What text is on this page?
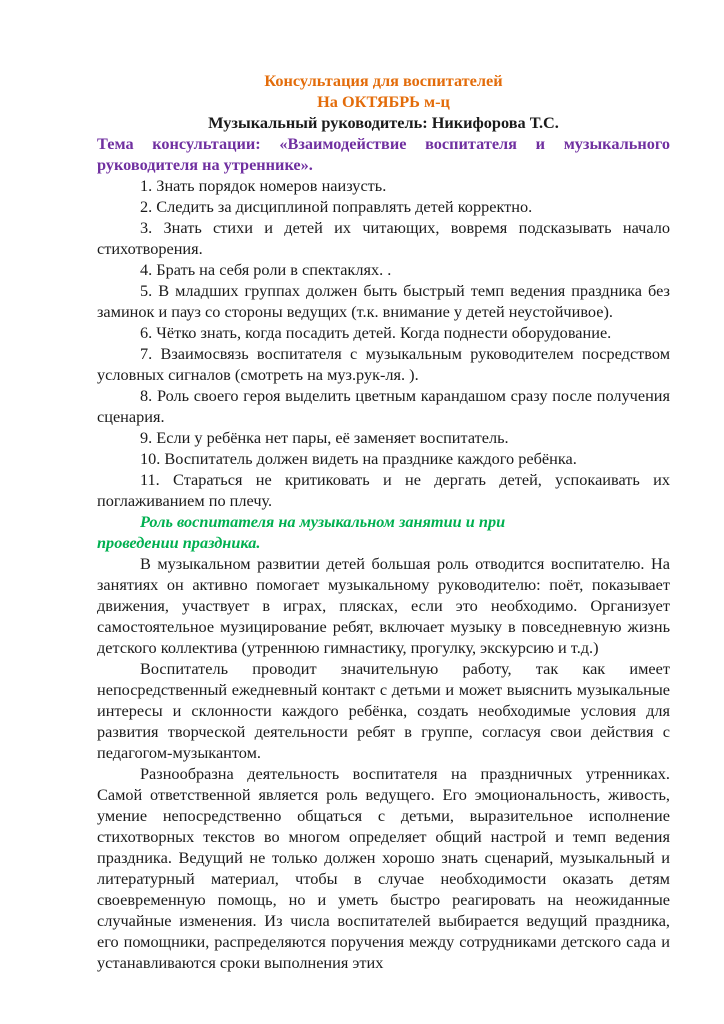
Консультация для воспитателей

На ОКТЯБРЬ м-ц

Музыкальный руководитель: Никифорова Т.С.

Тема консультации: «Взаимодействие воспитателя и музыкального руководителя на утреннике».

1. Знать порядок номеров наизусть.

2. Следить за дисциплиной поправлять детей корректно.

3. Знать стихи и детей их читающих, вовремя подсказывать начало стихотворения.

4. Брать на себя роли в спектаклях. .

5. В младших группах должен быть быстрый темп ведения праздника без заминок и пауз со стороны ведущих (т.к. внимание у детей неустойчивое).

6. Чётко знать, когда посадить детей. Когда поднести оборудование.

7. Взаимосвязь воспитателя с музыкальным руководителем посредством условных сигналов (смотреть на муз.рук-ля. ).

8. Роль своего героя выделить цветным карандашом сразу после получения сценария.

9. Если у ребёнка нет пары, её заменяет воспитатель.

10. Воспитатель должен видеть на празднике каждого ребёнка.

11. Стараться не критиковать и не дергать детей, успокаивать их поглаживанием по плечу.

Роль воспитателя на музыкальном занятии и при проведении праздника.

В музыкальном развитии детей большая роль отводится воспитателю. На занятиях он активно помогает музыкальному руководителю: поёт, показывает движения, участвует в играх, плясках, если это необходимо. Организует самостоятельное музицирование ребят, включает музыку в повседневную жизнь детского коллектива (утреннюю гимнастику, прогулку, экскурсию и т.д.)

Воспитатель проводит значительную работу, так как имеет непосредственный ежедневный контакт с детьми и может выяснить музыкальные интересы и склонности каждого ребёнка, создать необходимые условия для развития творческой деятельности ребят в группе, согласуя свои действия с педагогом-музыкантом.

Разнообразна деятельность воспитателя на праздничных утренниках. Самой ответственной является роль ведущего. Его эмоциональность, живость, умение непосредственно общаться с детьми, выразительное исполнение стихотворных текстов во многом определяет общий настрой и темп ведения праздника. Ведущий не только должен хорошо знать сценарий, музыкальный и литературный материал, чтобы в случае необходимости оказать детям своевременную помощь, но и уметь быстро реагировать на неожиданные случайные изменения. Из числа воспитателей выбирается ведущий праздника, его помощники, распределяются поручения между сотрудниками детского сада и устанавливаются сроки выполнения этих
